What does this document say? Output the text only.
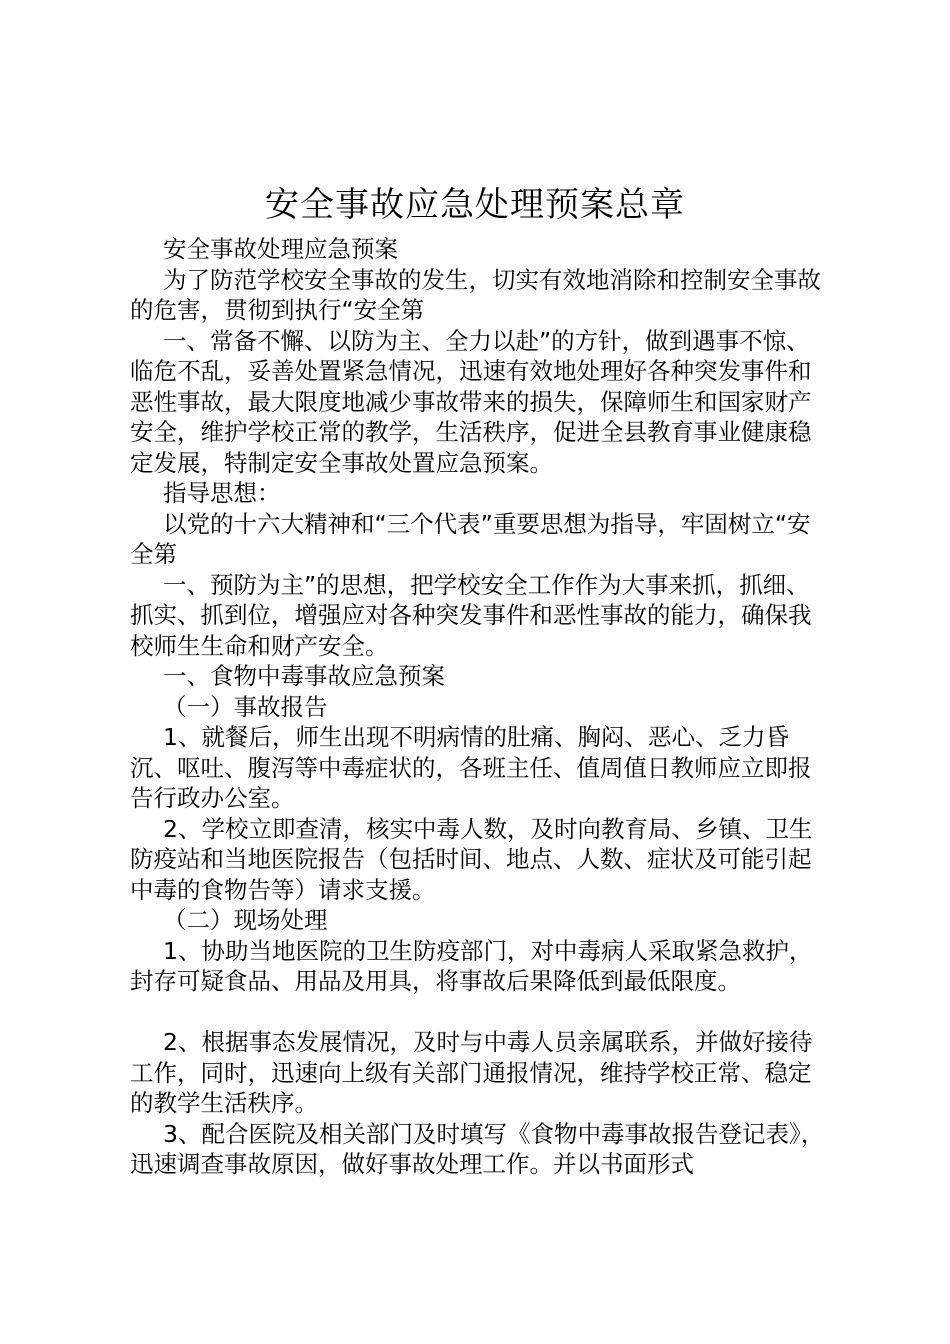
安全事故应急处理预案总章

安全事故处理应急预案

为了防范学校安全事故的发生，切实有效地消除和控制安全事故的危害，贯彻到执行“安全第

一、常备不懈、以防为主、全力以赴”的方针，做到遇事不惊、临危不乱，妥善处置紧急情况，迅速有效地处理好各种突发事件和恶性事故，最大限度地减少事故带来的损失，保障师生和国家财产安全，维护学校正常的教学，生活秩序，促进全县教育事业健康稳定发展，特制定安全事故处置应急预案。

指导思想：

以党的十六大精神和“三个代表”重要思想为指导，牢固树立“安全第

一、预防为主”的思想，把学校安全工作作为大事来抓，抓细、抓实、抓到位，增强应对各种突发事件和恶性事故的能力，确保我校师生生命和财产安全。

一、食物中毒事故应急预案

（一）事故报告

1、就餐后，师生出现不明病情的肚痛、胸闷、恶心、乏力昏沉、呕吐、腹泻等中毒症状的，各班主任、值周值日教师应立即报告行政办公室。

2、学校立即查清，核实中毒人数，及时向教育局、乡镇、卫生防疫站和当地医院报告（包括时间、地点、人数、症状及可能引起中毒的食物告等）请求支援。

（二）现场处理

1、协助当地医院的卫生防疫部门，对中毒病人采取紧急救护，封存可疑食品、用品及用具，将事故后果降低到最低限度。

2、根据事态发展情况，及时与中毒人员亲属联系，并做好接待工作，同时，迅速向上级有关部门通报情况，维持学校正常、稳定的教学生活秩序。

3、配合医院及相关部门及时填写《食物中毒事故报告登记表》，迅速调查事故原因，做好事故处理工作。并以书面形式
